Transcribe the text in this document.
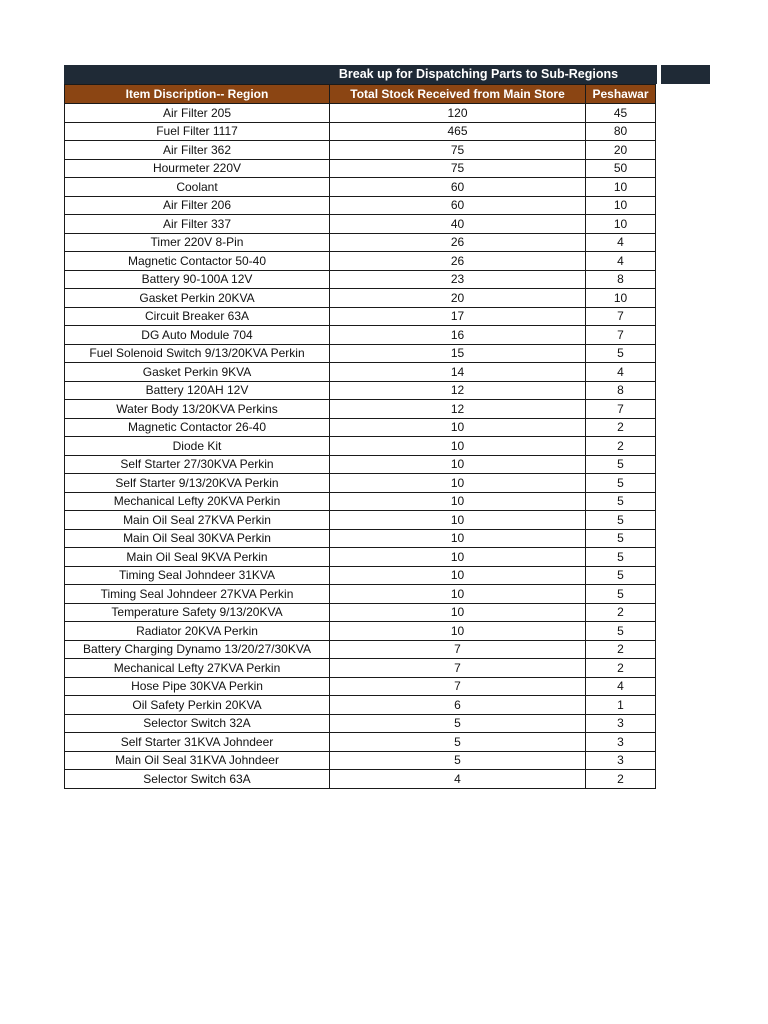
Break up for Dispatching Parts to Sub-Regions
Item Discription-- Region	Total Stock Received from Main Store	Peshawar
Air Filter 205	120	45
Fuel Filter 1117	465	80
Air Filter 362	75	20
Hourmeter 220V	75	50
Coolant	60	10
Air Filter 206	60	10
Air Filter 337	40	10
Timer 220V 8-Pin	26	4
Magnetic Contactor 50-40	26	4
Battery 90-100A 12V	23	8
Gasket Perkin 20KVA	20	10
Circuit Breaker 63A	17	7
DG Auto Module 704	16	7
Fuel Solenoid Switch 9/13/20KVA Perkin	15	5
Gasket Perkin 9KVA	14	4
Battery 120AH 12V	12	8
Water Body 13/20KVA Perkins	12	7
Magnetic Contactor 26-40	10	2
Diode Kit	10	2
Self Starter 27/30KVA Perkin	10	5
Self Starter 9/13/20KVA Perkin	10	5
Mechanical Lefty 20KVA Perkin	10	5
Main Oil Seal 27KVA Perkin	10	5
Main Oil Seal 30KVA Perkin	10	5
Main Oil Seal 9KVA Perkin	10	5
Timing Seal Johndeer 31KVA	10	5
Timing Seal Johndeer 27KVA Perkin	10	5
Temperature Safety 9/13/20KVA	10	2
Radiator 20KVA Perkin	10	5
Battery Charging Dynamo 13/20/27/30KVA	7	2
Mechanical Lefty 27KVA Perkin	7	2
Hose Pipe 30KVA Perkin	7	4
Oil Safety Perkin 20KVA	6	1
Selector Switch 32A	5	3
Self Starter 31KVA Johndeer	5	3
Main Oil Seal 31KVA Johndeer	5	3
Selector Switch 63A	4	2
